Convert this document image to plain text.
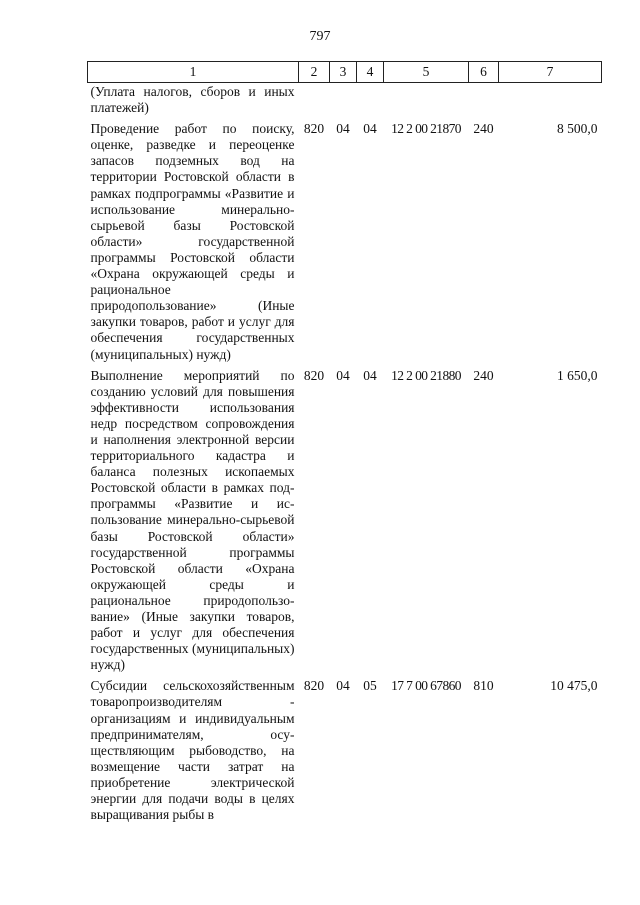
797
1	2	3	4	5	6	7
(Уплата налогов, сборов и иных платежей)						
Проведение работ по поиску, оценке, разведке и переоценке запасов подземных вод на территории Ростовской области в рамках подпрограммы «Развитие и использование минерально-сырьевой базы Ростовской области» государственной программы Ростовской области «Охрана окружающей среды и рациональное природопользование» (Иные закупки товаров, работ и услуг для обеспечения государственных (муниципальных) нужд)	820	04	04	12 2 00 21870	240	8 500,0
Выполнение мероприятий по созданию условий для повышения эффективности использования недр посредством сопровождения и наполнения электронной версии территориального кадастра и баланса полезных ископаемых Ростовской области в рамках подпрограммы «Развитие и использование минерально-сырьевой базы Ростовской области» государственной программы Ростовской области «Охрана окружающей среды и рациональное природопользование» (Иные закупки товаров, работ и услуг для обеспечения государственных (муниципальных) нужд)	820	04	04	12 2 00 21880	240	1 650,0
Субсидии сельскохозяйственным товаропроизводителям - организациям и индивидуальным предпринимателям, осуществляющим рыбоводство, на возмещение части затрат на приобретение электрической энергии для подачи воды в целях выращивания рыбы в	820	04	05	17 7 00 67860	810	10 475,0
